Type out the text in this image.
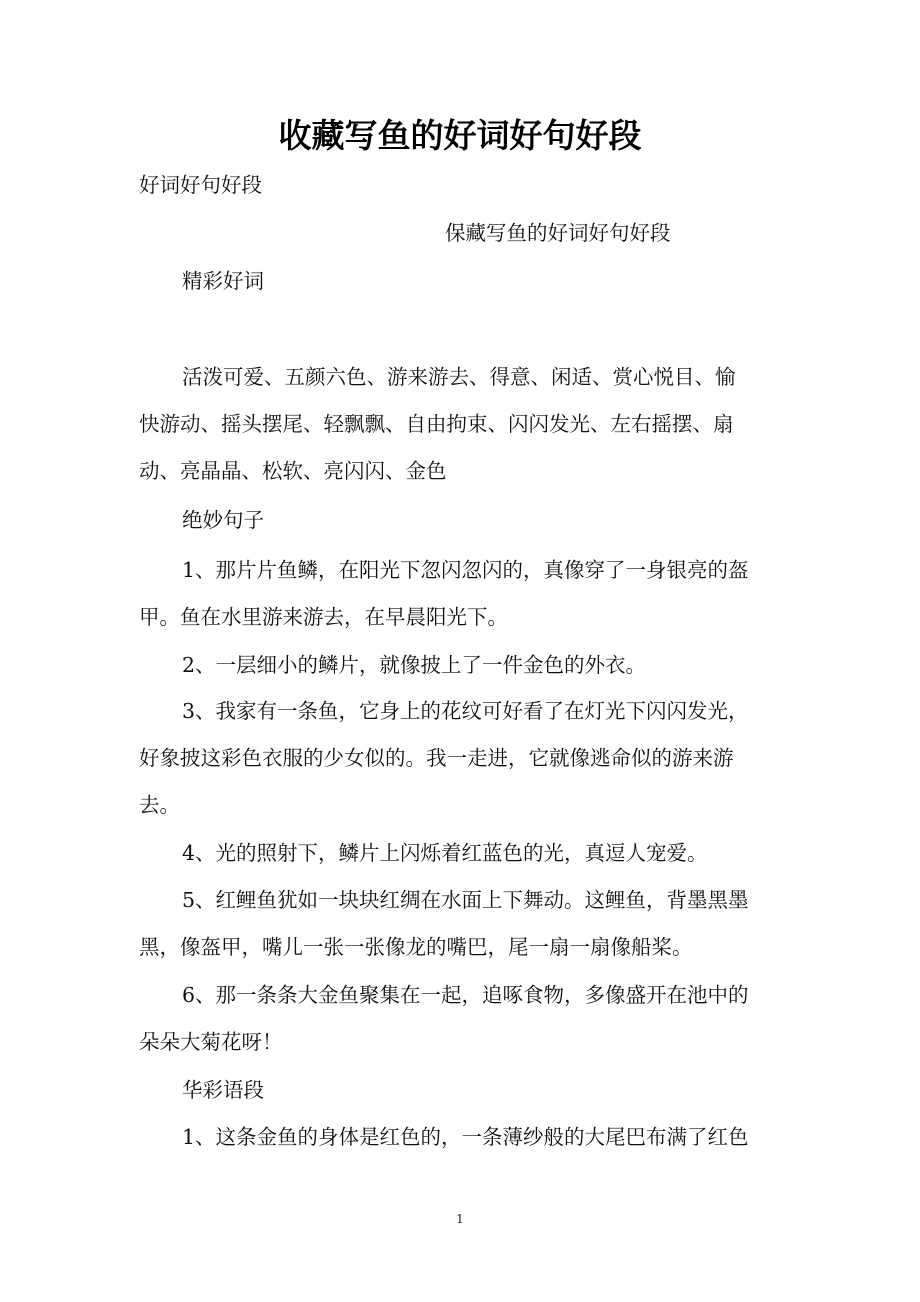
收藏写鱼的好词好句好段
好词好句好段
保藏写鱼的好词好句好段
精彩好词
活泼可爱、五颜六色、游来游去、得意、闲适、赏心悦目、愉
快游动、摇头摆尾、轻飘飘、自由拘束、闪闪发光、左右摇摆、扇
动、亮晶晶、松软、亮闪闪、金色
绝妙句子
1、那片片鱼鳞，在阳光下忽闪忽闪的，真像穿了一身银亮的盔
甲。鱼在水里游来游去，在早晨阳光下。
2、一层细小的鳞片，就像披上了一件金色的外衣。
3、我家有一条鱼，它身上的花纹可好看了在灯光下闪闪发光，
好象披这彩色衣服的少女似的。我一走进，它就像逃命似的游来游
去。
4、光的照射下，鳞片上闪烁着红蓝色的光，真逗人宠爱。
5、红鲤鱼犹如一块块红绸在水面上下舞动。这鲤鱼，背墨黑墨
黑，像盔甲，嘴儿一张一张像龙的嘴巴，尾一扇一扇像船桨。
6、那一条条大金鱼聚集在一起，追啄食物，多像盛开在池中的
朵朵大菊花呀！
华彩语段
1、这条金鱼的身体是红色的，一条薄纱般的大尾巴布满了红色
1
